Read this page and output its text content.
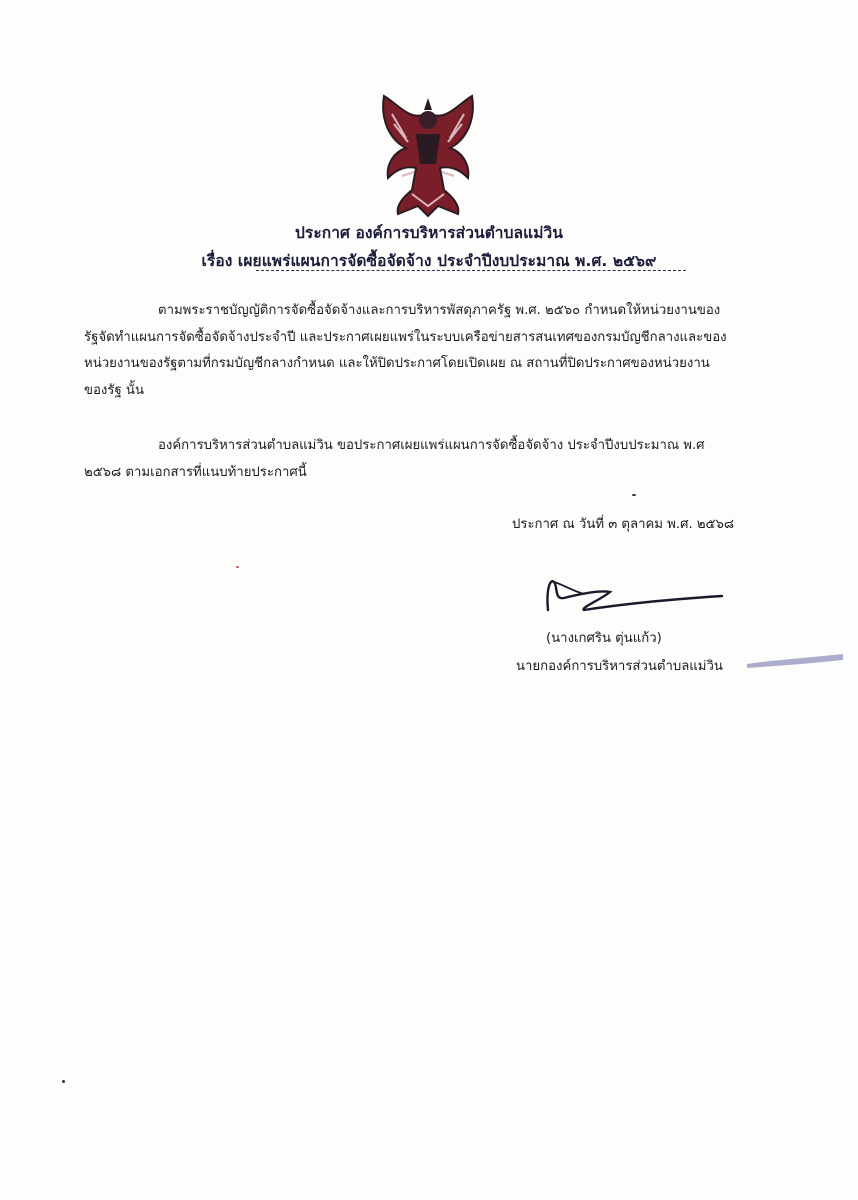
ประกาศ องค์การบริหารส่วนตำบลแม่วิน
เรื่อง เผยแพร่แผนการจัดซื้อจัดจ้าง ประจำปีงบประมาณ พ.ศ. ๒๕๖๙
ตามพระราชบัญญัติการจัดซื้อจัดจ้างและการบริหารพัสดุภาครัฐ พ.ศ. ๒๕๖๐ กำหนดให้หน่วยงานของ
รัฐจัดทำแผนการจัดซื้อจัดจ้างประจำปี และประกาศเผยแพร่ในระบบเครือข่ายสารสนเทศของกรมบัญชีกลางและของ
หน่วยงานของรัฐตามที่กรมบัญชีกลางกำหนด และให้ปิดประกาศโดยเปิดเผย ณ สถานที่ปิดประกาศของหน่วยงาน
ของรัฐ นั้น
องค์การบริหารส่วนตำบลแม่วิน ขอประกาศเผยแพร่แผนการจัดซื้อจัดจ้าง ประจำปีงบประมาณ พ.ศ
๒๕๖๘ ตามเอกสารที่แนบท้ายประกาศนี้
ประกาศ ณ วันที่ ๓ ตุลาคม พ.ศ. ๒๕๖๘
(นางเกศริน ตุ่นแก้ว)
นายกองค์การบริหารส่วนตำบลแม่วิน
